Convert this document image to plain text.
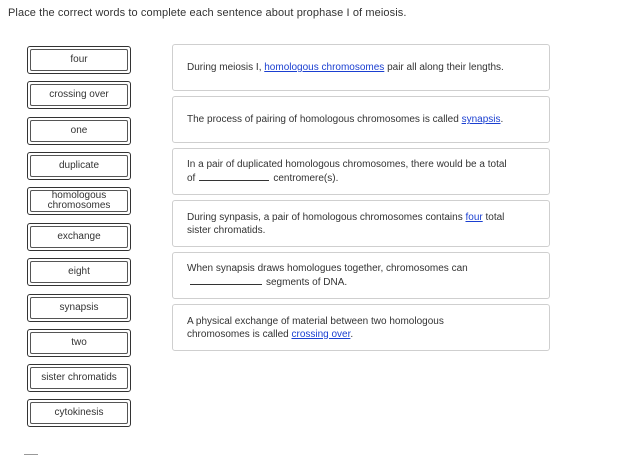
Place the correct words to complete each sentence about prophase I of meiosis.
four
crossing over
one
duplicate
homologous
chromosomes
exchange
eight
synapsis
two
sister chromatids
cytokinesis
During meiosis I, homologous chromosomes pair all along their lengths.
The process of pairing of homologous chromosomes is called synapsis.
In a pair of duplicated homologous chromosomes, there would be a total
of	centromere(s).
During synpasis, a pair of homologous chromosomes contains four total
sister chromatids.
When synapsis draws homologues together, chromosomes can
segments of DNA.
A physical exchange of material between two homologous
chromosomes is called crossing over.
